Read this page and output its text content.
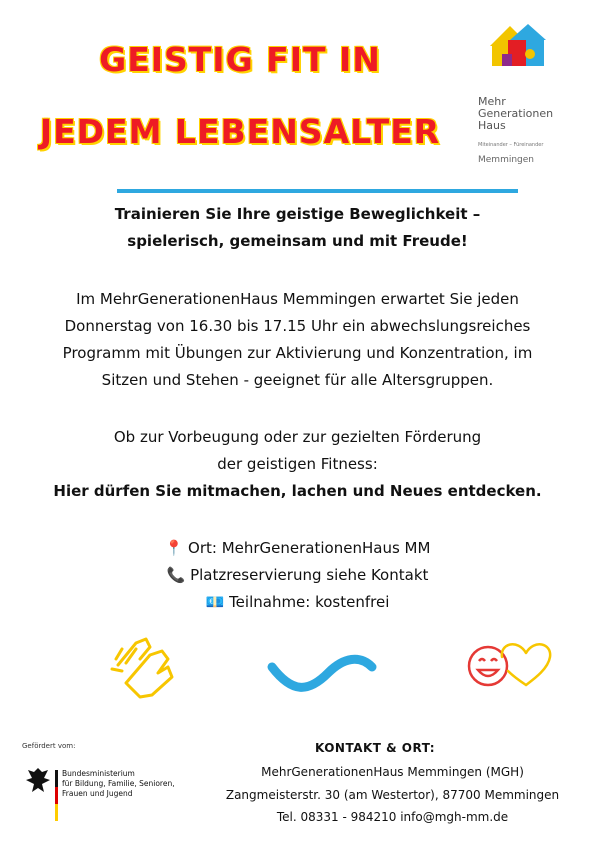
GEISTIG FIT IN
JEDEM LEBENSALTER
Mehr
Generationen
Haus
Miteinander – Füreinander
Memmingen
Trainieren Sie Ihre geistige Beweglichkeit –
spielerisch, gemeinsam und mit Freude!
Im MehrGenerationenHaus Memmingen erwartet Sie jeden
Donnerstag von 16.30 bis 17.15 Uhr ein abwechslungsreiches
Programm mit Übungen zur Aktivierung und Konzentration, im
Sitzen und Stehen - geeignet für alle Altersgruppen.
Ob zur Vorbeugung oder zur gezielten Förderung
der geistigen Fitness:
Hier dürfen Sie mitmachen, lachen und Neues entdecken.
📍 Ort: MehrGenerationenHaus MM
📞 Platzreservierung siehe Kontakt
💶 Teilnahme: kostenfrei
Gefördert vom:
Bundesministerium
für Bildung, Familie, Senioren,
Frauen und Jugend
KONTAKT & ORT:
MehrGenerationenHaus Memmingen (MGH)
Zangmeisterstr. 30 (am Westertor), 87700 Memmingen
Tel. 08331 - 984210 info@mgh-mm.de
